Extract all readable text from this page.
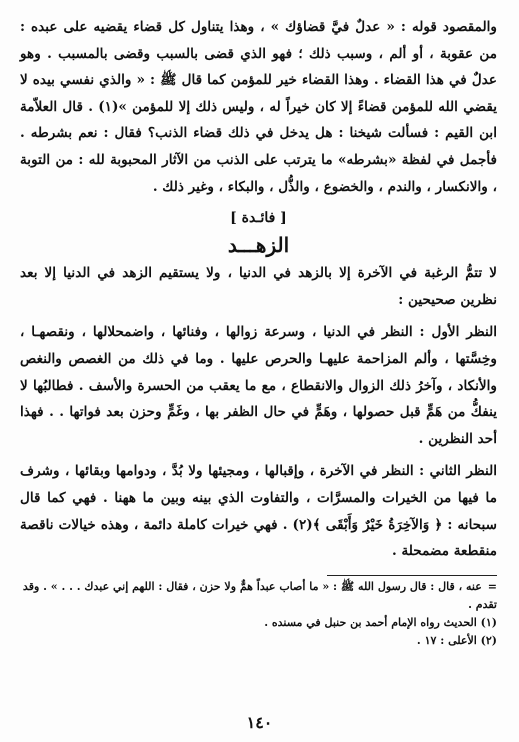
والمقصود قوله : « عدلٌ فيَّ قضاؤك » ، وهذا يتناول كل قضاء يقضيه على عبده : من عقوبة ، أو ألم ، وسبب ذلك ؛ فهو الذي قضى بالسبب وقضى بالمسبب . وهو عدلٌ في هذا القضاء . وهذا القضاء خير للمؤمن كما قال ﷺ : « والذي نفسي بيده لا يقضي الله للمؤمن قضاءً إلا كان خيراً له ، وليس ذلك إلا للمؤمن »(١) . قال العلاّمة ابن القيم : فسألت شيخنا : هل يدخل في ذلك قضاء الذنب؟ فقال : نعم بشرطه . فأجمل في لفظة «بشرطه» ما يترتب على الذنب من الآثار المحبوبة لله : من التوبة ، والانكسار ، والندم ، والخضوع ، والذُّل ، والبكاء ، وغير ذلك .

[ فائـدة ]

الزهـــد

لا تتمُّ الرغبة في الآخرة إلا بالزهد في الدنيا ، ولا يستقيم الزهد في الدنيا إلا بعد نظرين صحيحين :

النظر الأول : النظر في الدنيا ، وسرعة زوالها ، وفنائها ، واضمحلالها ، ونقصهـا ، وخِسَّتها ، وألم المزاحمة عليهـا والحرص عليها . وما في ذلك من الغصص والنغص والأنكاد ، وآخرُ ذلك الزوال والانقطاع ، مع ما يعقب من الحسرة والأسف . فطالبُها لا ينفكُّ من هَمٍّ قبل حصولها ، وهَمٍّ في حال الظفر بها ، وغَمٍّ وحزن بعد فواتها . . فهذا أحد النظرين .

النظر الثاني : النظر في الآخرة ، وإقبالها ، ومجيئها ولا بُدَّ ، ودوامها وبقائها ، وشرف ما فيها من الخيرات والمسرَّات ، والتفاوت الذي بينه وبين ما ههنا . فهي كما قال سبحانه : ﴿ وَالآخِرَةُ خَيْرٌ وَأَبْقَى ﴾(٢) . فهي خيرات كاملة دائمة ، وهذه خيالات ناقصة منقطعة مضمحلة .

=عنه ، قال : قال رسول الله ﷺ : « ما أصاب عبداً همٌّ ولا حزن ، فقال : اللهم إني عبدك . . . » . وقد تقدم .

(١) الحديث رواه الإمام أحمد بن حنبل في مسنده .

(٢) الأعلى : ١٧ .

١٤٠
